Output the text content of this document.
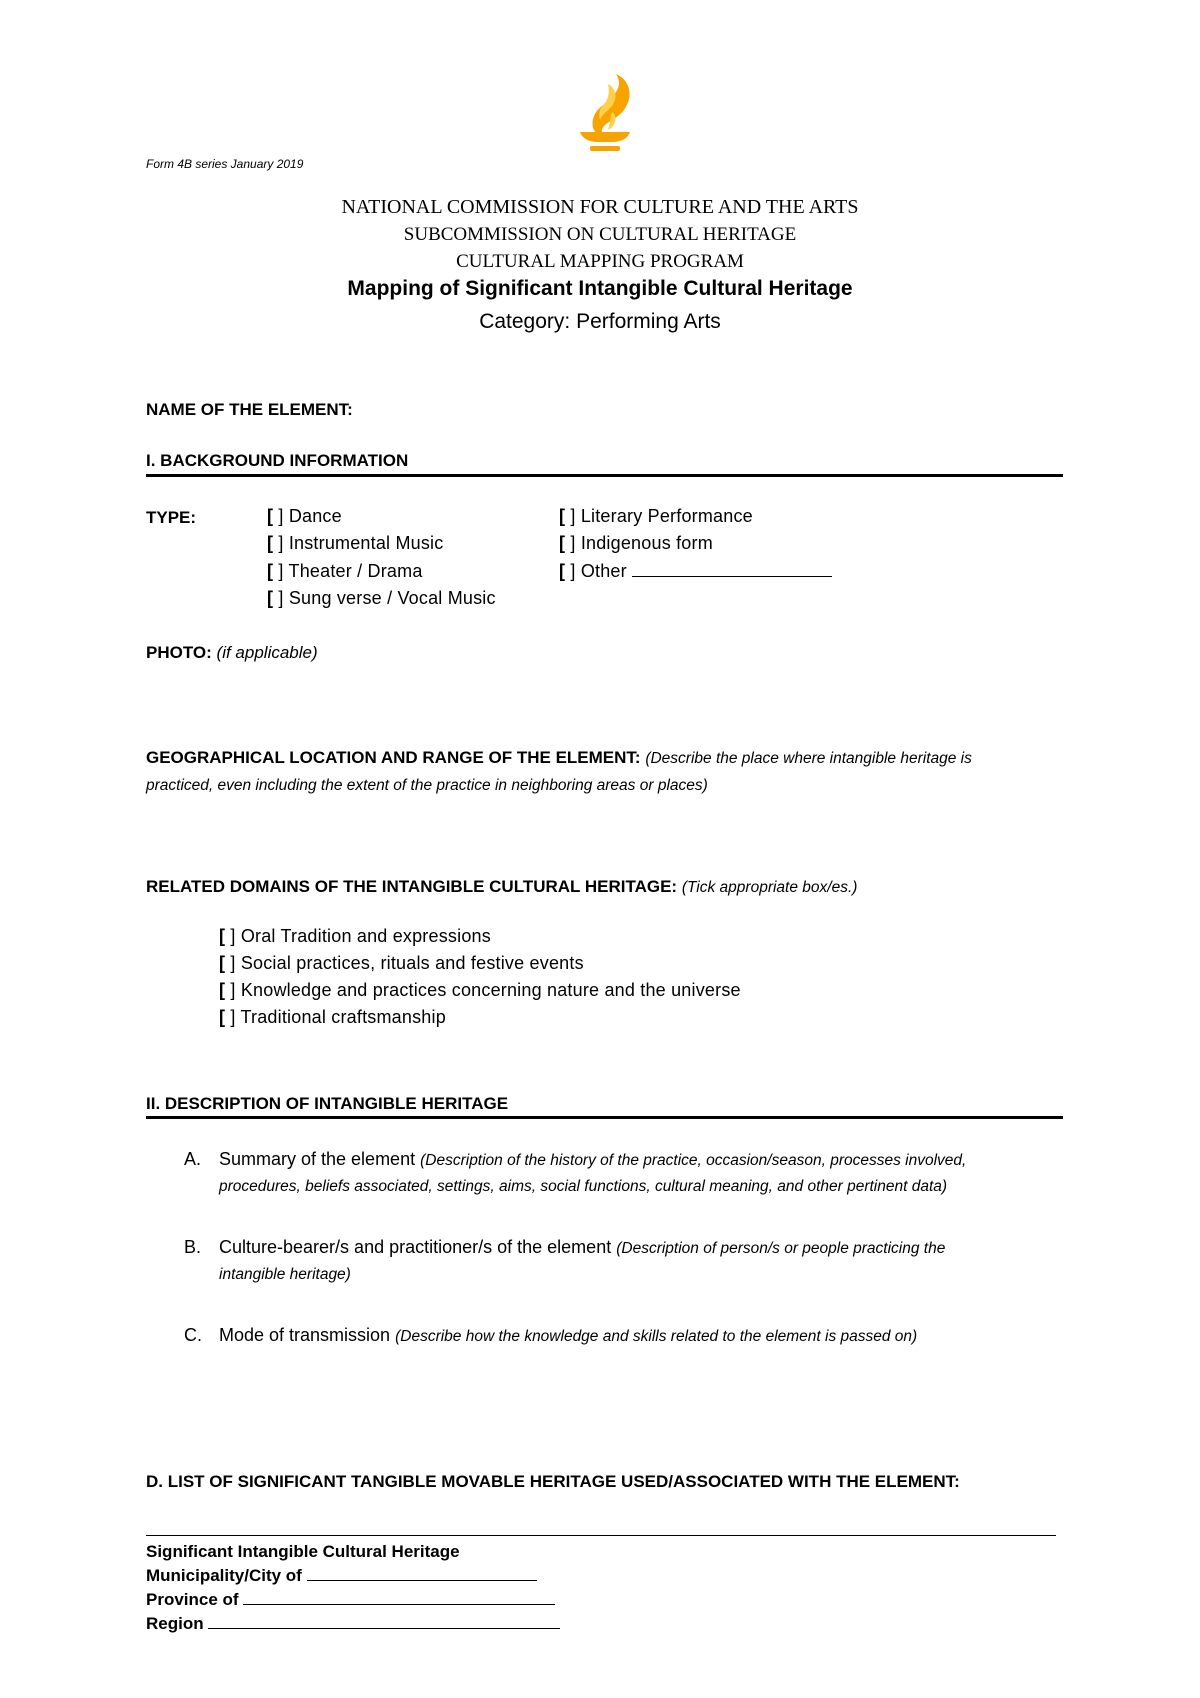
Form 4B series January 2019
NATIONAL COMMISSION FOR CULTURE AND THE ARTS
SUBCOMMISSION ON CULTURAL HERITAGE
CULTURAL MAPPING PROGRAM
Mapping of Significant Intangible Cultural Heritage
Category: Performing Arts
NAME OF THE ELEMENT:
I. BACKGROUND INFORMATION
TYPE:	[ ] Dance
[ ] Instrumental Music
[ ] Theater / Drama
[ ] Sung verse / Vocal Music
[ ] Literary Performance
[ ] Indigenous form
[ ] Other
PHOTO: (if applicable)
GEOGRAPHICAL LOCATION AND RANGE OF THE ELEMENT: (Describe the place where intangible heritage is
practiced, even including the extent of the practice in neighboring areas or places)
RELATED DOMAINS OF THE INTANGIBLE CULTURAL HERITAGE: (Tick appropriate box/es.)
[ ] Oral Tradition and expressions
[ ] Social practices, rituals and festive events
[ ] Knowledge and practices concerning nature and the universe
[ ] Traditional craftsmanship
II. DESCRIPTION OF INTANGIBLE HERITAGE
A. Summary of the element (Description of the history of the practice, occasion/season, processes involved,
procedures, beliefs associated, settings, aims, social functions, cultural meaning, and other pertinent data)
B. Culture-bearer/s and practitioner/s of the element (Description of person/s or people practicing the
intangible heritage)
C. Mode of transmission (Describe how the knowledge and skills related to the element is passed on)
D. LIST OF SIGNIFICANT TANGIBLE MOVABLE HERITAGE USED/ASSOCIATED WITH THE ELEMENT:
Significant Intangible Cultural Heritage
Municipality/City of
Province of
Region
